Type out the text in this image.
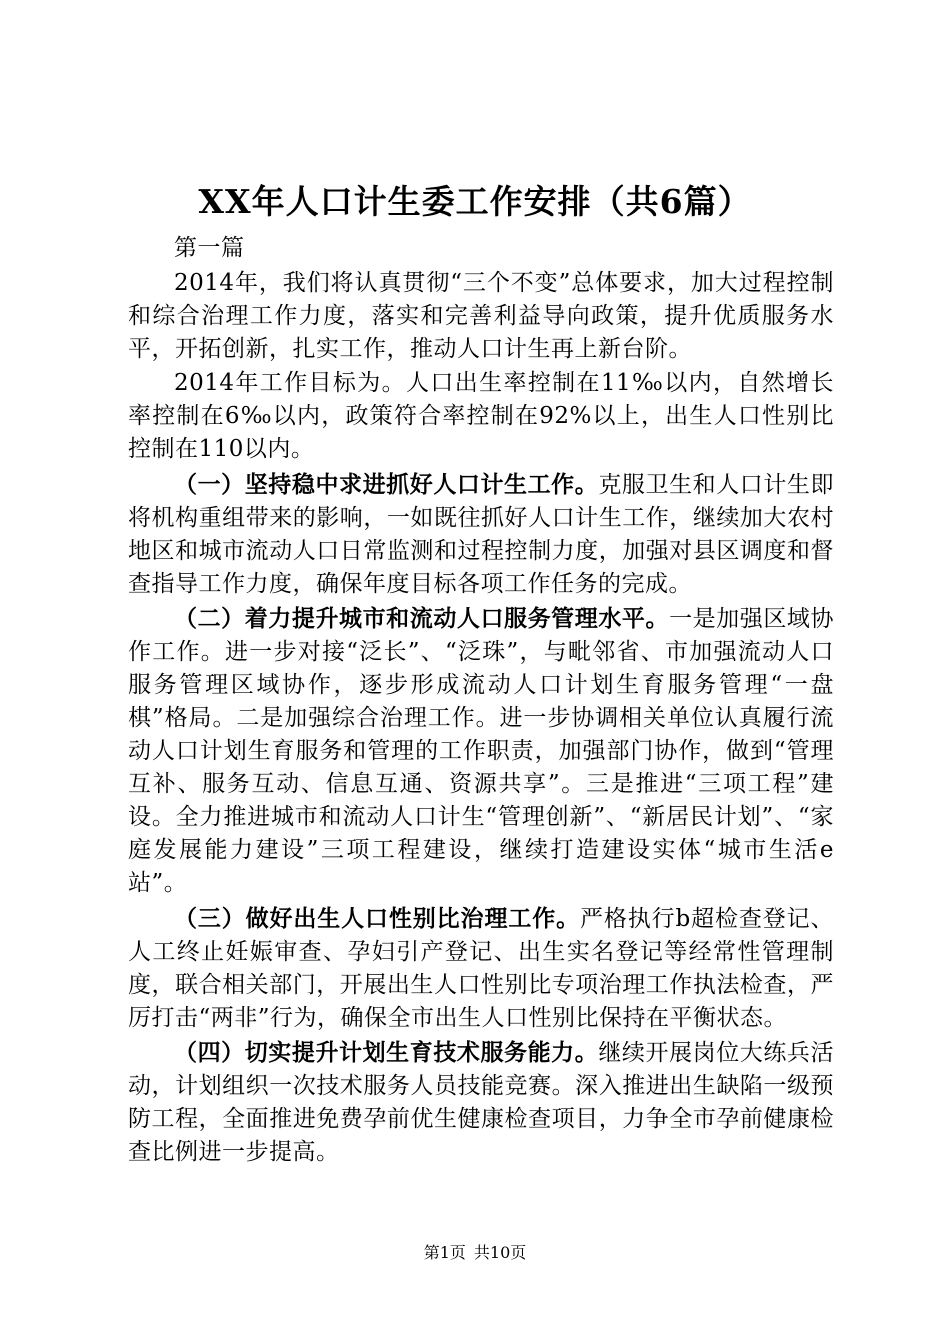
XX年人口计生委工作安排（共6篇）

第一篇

2014年，我们将认真贯彻“三个不变”总体要求，加大过程控制和综合治理工作力度，落实和完善利益导向政策，提升优质服务水平，开拓创新，扎实工作，推动人口计生再上新台阶。

2014年工作目标为。人口出生率控制在11‰以内，自然增长率控制在6‰以内，政策符合率控制在92%以上，出生人口性别比控制在110以内。

（一）坚持稳中求进抓好人口计生工作。克服卫生和人口计生即将机构重组带来的影响，一如既往抓好人口计生工作，继续加大农村地区和城市流动人口日常监测和过程控制力度，加强对县区调度和督查指导工作力度，确保年度目标各项工作任务的完成。

（二）着力提升城市和流动人口服务管理水平。一是加强区域协作工作。进一步对接“泛长”、“泛珠”，与毗邻省、市加强流动人口服务管理区域协作，逐步形成流动人口计划生育服务管理“一盘棋”格局。二是加强综合治理工作。进一步协调相关单位认真履行流动人口计划生育服务和管理的工作职责，加强部门协作，做到“管理互补、服务互动、信息互通、资源共享”。三是推进“三项工程”建设。全力推进城市和流动人口计生“管理创新”、“新居民计划”、“家庭发展能力建设”三项工程建设，继续打造建设实体“城市生活e站”。

（三）做好出生人口性别比治理工作。严格执行b超检查登记、人工终止妊娠审查、孕妇引产登记、出生实名登记等经常性管理制度，联合相关部门，开展出生人口性别比专项治理工作执法检查，严厉打击“两非”行为，确保全市出生人口性别比保持在平衡状态。

（四）切实提升计划生育技术服务能力。继续开展岗位大练兵活动，计划组织一次技术服务人员技能竞赛。深入推进出生缺陷一级预防工程，全面推进免费孕前优生健康检查项目，力争全市孕前健康检查比例进一步提高。

第1页 共10页
